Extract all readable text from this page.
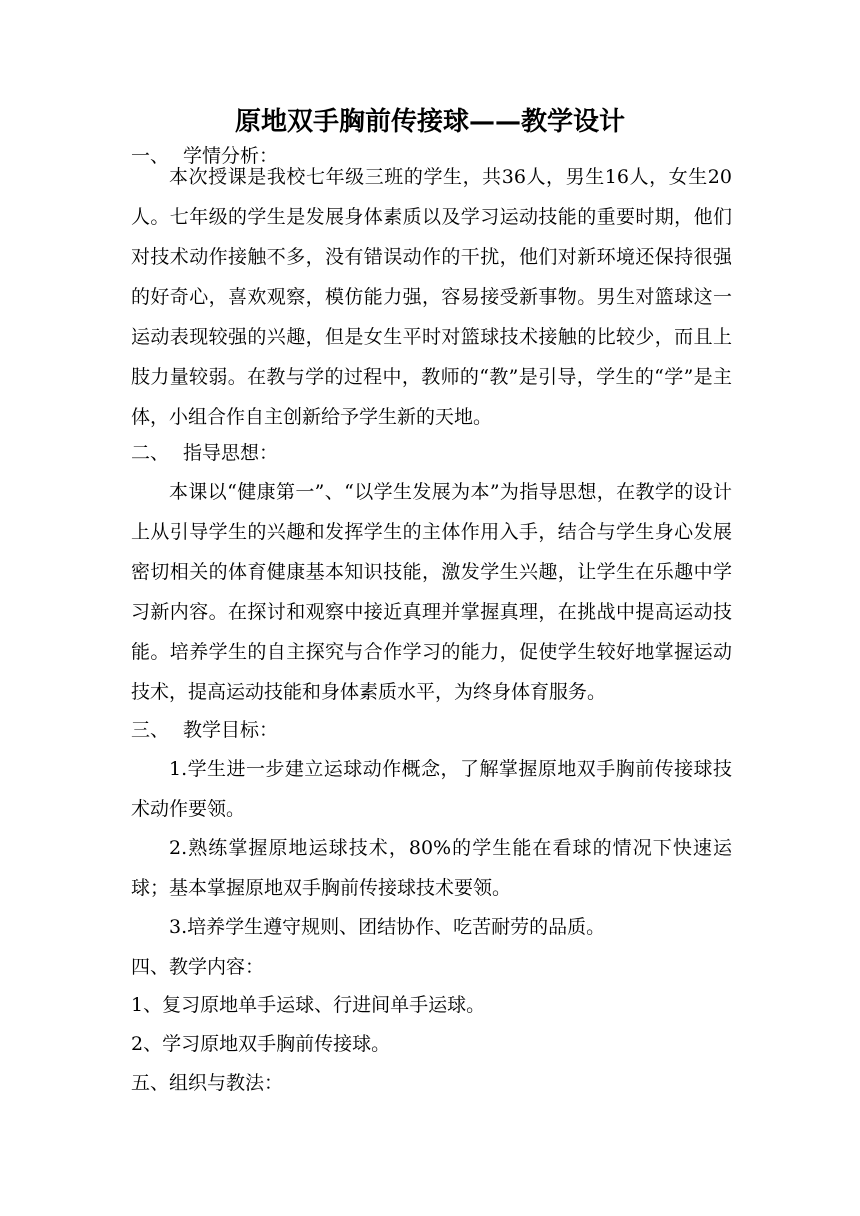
原地双手胸前传接球——教学设计
一、 学情分析：

本次授课是我校七年级三班的学生，共36人，男生16人，女生20人。七年级的学生是发展身体素质以及学习运动技能的重要时期，他们对技术动作接触不多，没有错误动作的干扰，他们对新环境还保持很强的好奇心，喜欢观察，模仿能力强，容易接受新事物。男生对篮球这一运动表现较强的兴趣，但是女生平时对篮球技术接触的比较少，而且上肢力量较弱。在教与学的过程中，教师的“教”是引导，学生的“学”是主体，小组合作自主创新给予学生新的天地。

二、 指导思想：

本课以“健康第一”、“以学生发展为本”为指导思想，在教学的设计上从引导学生的兴趣和发挥学生的主体作用入手，结合与学生身心发展密切相关的体育健康基本知识技能，激发学生兴趣，让学生在乐趣中学习新内容。在探讨和观察中接近真理并掌握真理，在挑战中提高运动技能。培养学生的自主探究与合作学习的能力，促使学生较好地掌握运动技术，提高运动技能和身体素质水平，为终身体育服务。

三、 教学目标：

1.学生进一步建立运球动作概念，了解掌握原地双手胸前传接球技术动作要领。

2.熟练掌握原地运球技术，80%的学生能在看球的情况下快速运球；基本掌握原地双手胸前传接球技术要领。

3.培养学生遵守规则、团结协作、吃苦耐劳的品质。

四、教学内容：
1、复习原地单手运球、行进间单手运球。
2、学习原地双手胸前传接球。
五、组织与教法：
